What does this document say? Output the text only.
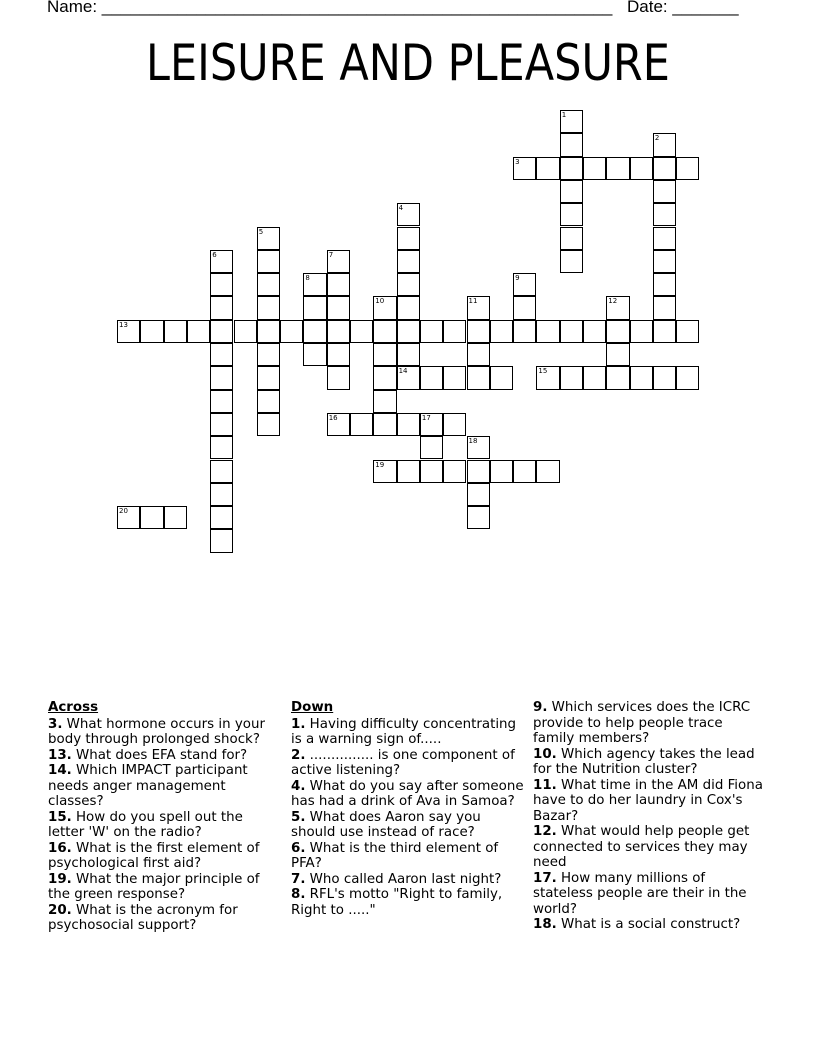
Name: ______________________________________________________ Date: _______
LEISURE AND PLEASURE
1
2
3
4
14
5
6	7
8	9
10	11	12
13
15
16	17
18
19
20
Across
3. What hormone occurs in your body through prolonged shock?
13. What does EFA stand for?
14. Which IMPACT participant needs anger management classes?
15. How do you spell out the letter 'W' on the radio?
16. What is the first element of psychological first aid?
19. What the major principle of the green response?
20. What is the acronym for psychosocial support?
Down
1. Having difficulty concentrating is a warning sign of.....
2. ............... is one component of active listening?
4. What do you say after someone has had a drink of Ava in Samoa?
5. What does Aaron say you should use instead of race?
6. What is the third element of PFA?
7. Who called Aaron last night?
8. RFL's motto "Right to family, Right to ....."
9. Which services does the ICRC provide to help people trace family members?
10. Which agency takes the lead for the Nutrition cluster?
11. What time in the AM did Fiona have to do her laundry in Cox's Bazar?
12. What would help people get connected to services they may need
17. How many millions of stateless people are their in the world?
18. What is a social construct?
